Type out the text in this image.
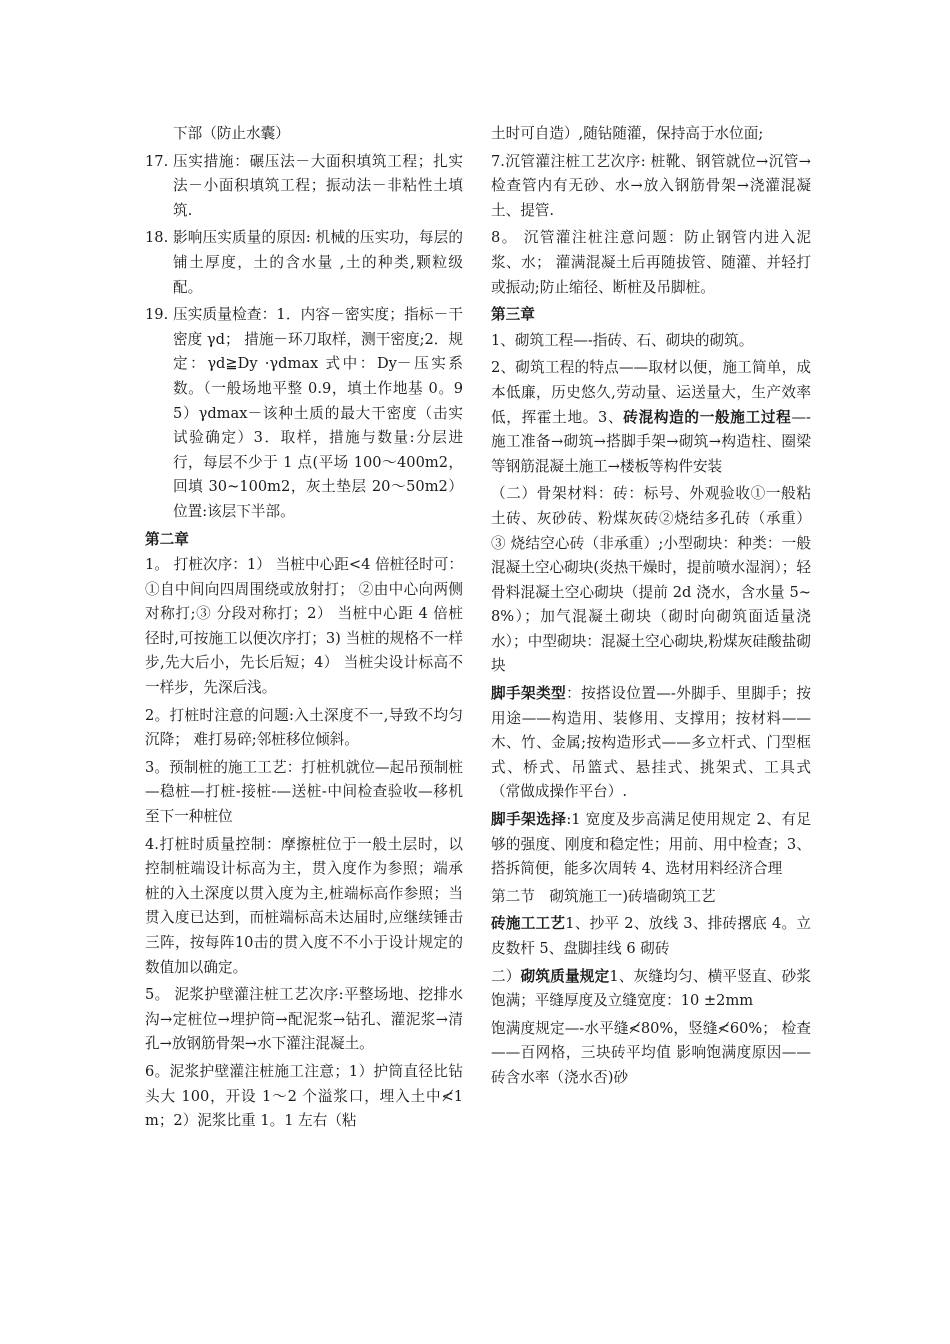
下部（防止水囊）
17. 压实措施：碾压法－大面积填筑工程；扎实法－小面积填筑工程；振动法－非粘性土填筑.
18. 影响压实质量的原因: 机械的压实功，每层的铺土厚度，土的含水量 ,土的种类,颗粒级配。
19. 压实质量检查：1．内容－密实度；指标－干密度 γd； 措施－环刀取样，测干密度;2．规定：γd≧Dy ·γdmax 式中：Dy－压实系数。（一般场地平整 0.9，填土作地基 0。95）γdmax－该种土质的最大干密度（击实试验确定）3．取样，措施与数量:分层进行，每层不少于 1 点(平场 100～400m2，回填 30~100m2，灰土垫层 20～50m2） 位置:该层下半部。
第二章
1。 打桩次序：1） 当桩中心距<4 倍桩径时可：①自中间向四周围绕或放射打； ②由中心向两侧对称打;③ 分段对称打；2） 当桩中心距 4 倍桩径时,可按施工以便次序打；3) 当桩的规格不一样步,先大后小，先长后短；4） 当桩尖设计标高不一样步，先深后浅。
2。打桩时注意的问题:入土深度不一,导致不均匀沉降； 难打易碎;邻桩移位倾斜。
3。预制桩的施工工艺：打桩机就位—起吊预制桩—稳桩—打桩-接桩-—送桩-中间检查验收—移机至下一种桩位
4.打桩时质量控制：摩擦桩位于一般土层时，以控制桩端设计标高为主，贯入度作为参照；端承桩的入土深度以贯入度为主,桩端标高作参照；当贯入度已达到，而桩端标高未达届时,应继续锤击三阵，按每阵10击的贯入度不不小于设计规定的数值加以确定。
5。 泥浆护壁灌注桩工艺次序:平整场地、挖排水沟→定桩位→埋护筒→配泥浆→钻孔、灌泥浆→清孔→放钢筋骨架→水下灌注混凝土。
6。泥浆护壁灌注桩施工注意；1）护筒直径比钻头大 100，开设 1～2 个溢浆口，埋入土中≮1m；2）泥浆比重 1。1 左右（粘
土时可自造）,随钻随灌，保持高于水位面;
7.沉管灌注桩工艺次序: 桩靴、钢管就位→沉管→检查管内有无砂、水→放入钢筋骨架→浇灌混凝土、提管.
8。 沉管灌注桩注意问题：防止钢管内进入泥浆、水； 灌满混凝土后再随拔管、随灌、并轻打或振动;防止缩径、断桩及吊脚桩。
第三章
1、砌筑工程—-指砖、石、砌块的砌筑。
2、砌筑工程的特点——取材以便，施工简单，成本低廉，历史悠久,劳动量、运送量大，生产效率低，挥霍土地。3、砖混构造的一般施工过程—-施工准备→砌筑→搭脚手架→砌筑→构造柱、圈梁等钢筋混凝土施工→楼板等构件安装
（二）骨架材料：砖：标号、外观验收①一般粘土砖、灰砂砖、粉煤灰砖②烧结多孔砖（承重）③ 烧结空心砖（非承重）;小型砌块：种类：一般混凝土空心砌块(炎热干燥时，提前喷水湿润）；轻骨料混凝土空心砌块（提前 2d 浇水，含水量 5~8%）；加气混凝土砌块（砌时向砌筑面适量浇水）；中型砌块：混凝土空心砌块,粉煤灰硅酸盐砌块
脚手架类型：按搭设位置—-外脚手、里脚手；按用途——构造用、装修用、支撑用；按材料——木、竹、金属;按构造形式——多立杆式、门型框式、桥式、吊篮式、悬挂式、挑架式、工具式（常做成操作平台）.
脚手架选择:1 宽度及步高满足使用规定 2、有足够的强度、刚度和稳定性；用前、用中检查；3、搭拆简便，能多次周转 4、选材用料经济合理
第二节　砌筑施工一)砖墙砌筑工艺
砖施工工艺1、抄平 2、放线 3、排砖撂底 4。立皮数杆 5、盘脚挂线 6 砌砖
二）砌筑质量规定1、灰缝均匀、横平竖直、砂浆饱满；平缝厚度及立缝宽度：10 ±2mm
饱满度规定—-水平缝≮80%，竖缝≮60%； 检查——百网格，三块砖平均值 影响饱满度原因——砖含水率（浇水否)砂
